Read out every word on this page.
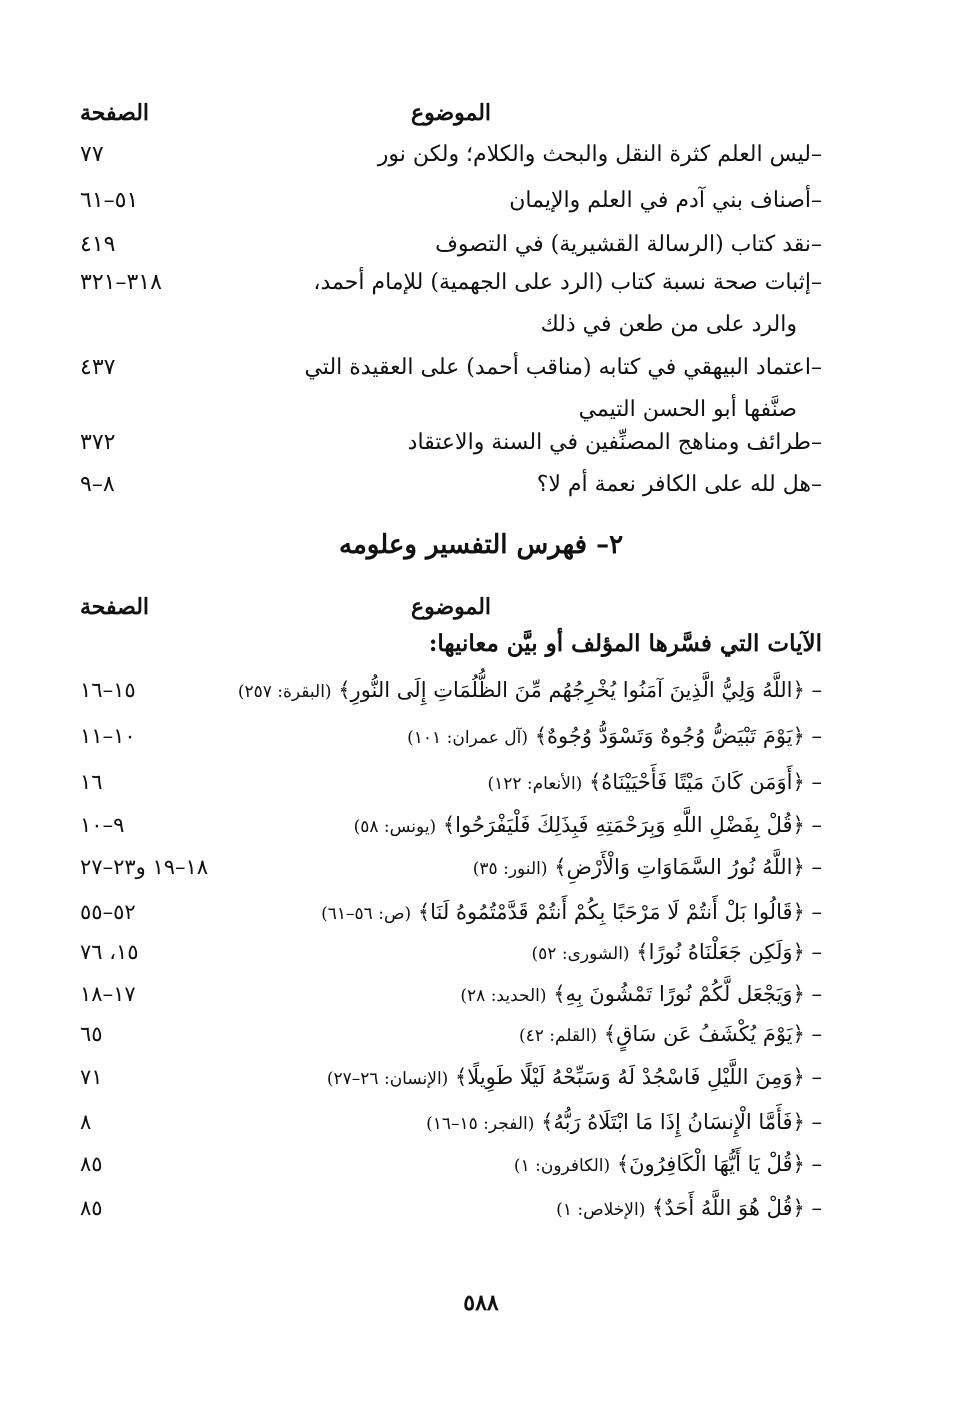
الموضوع
الصفحة
–ليس العلم كثرة النقل والبحث والكلام؛ ولكن نور
٧٧
–أصناف بني آدم في العلم والإيمان
٥١–٦١
–نقد كتاب (الرسالة القشيرية) في التصوف
٤١٩
–إثبات صحة نسبة كتاب (الرد على الجهمية) للإمام أحمد،
٣١٨–٣٢١
والرد على من طعن في ذلك
–اعتماد البيهقي في كتابه (مناقب أحمد) على العقيدة التي
٤٣٧
صنَّفها أبو الحسن التيمي
–طرائف ومناهج المصنِّفين في السنة والاعتقاد
٣٧٢
–هل لله على الكافر نعمة أم لا؟
٨–٩
٢– فهرس التفسير وعلومه
الموضوع
الصفحة
الآيات التي فسَّرها المؤلف أو بيَّن معانيها:
– ﴿اللَّهُ وَلِيُّ الَّذِينَ آمَنُوا يُخْرِجُهُم مِّنَ الظُّلُمَاتِ إِلَى النُّورِ﴾ (البقرة: ٢٥٧)
١٥–١٦
– ﴿يَوْمَ تَبْيَضُّ وُجُوهٌ وَتَسْوَدُّ وُجُوهٌ﴾ (آل عمران: ١٠١)
١٠–١١
– ﴿أَوَمَن كَانَ مَيْتًا فَأَحْيَيْنَاهُ﴾ (الأنعام: ١٢٢)
١٦
– ﴿قُلْ بِفَضْلِ اللَّهِ وَبِرَحْمَتِهِ فَبِذَلِكَ فَلْيَفْرَحُوا﴾ (يونس: ٥٨)
٩–١٠
– ﴿اللَّهُ نُورُ السَّمَاوَاتِ وَالْأَرْضِ﴾ (النور: ٣٥)
١٨–١٩ و٢٣–٢٧
– ﴿قَالُوا بَلْ أَنتُمْ لَا مَرْحَبًا بِكُمْ أَنتُمْ قَدَّمْتُمُوهُ لَنَا﴾ (ص: ٥٦–٦١)
٥٢–٥٥
– ﴿وَلَكِن جَعَلْنَاهُ نُورًا﴾ (الشورى: ٥٢)
١٥، ٧٦
– ﴿وَيَجْعَل لَّكُمْ نُورًا تَمْشُونَ بِهِ﴾ (الحديد: ٢٨)
١٧–١٨
– ﴿يَوْمَ يُكْشَفُ عَن سَاقٍ﴾ (القلم: ٤٢)
٦٥
– ﴿وَمِنَ اللَّيْلِ فَاسْجُدْ لَهُ وَسَبِّحْهُ لَيْلًا طَوِيلًا﴾ (الإنسان: ٢٦–٢٧)
٧١
– ﴿فَأَمَّا الْإِنسَانُ إِذَا مَا ابْتَلَاهُ رَبُّهُ﴾ (الفجر: ١٥–١٦)
٨
– ﴿قُلْ يَا أَيُّهَا الْكَافِرُونَ﴾ (الكافرون: ١)
٨٥
– ﴿قُلْ هُوَ اللَّهُ أَحَدٌ﴾ (الإخلاص: ١)
٨٥
٥٨٨
